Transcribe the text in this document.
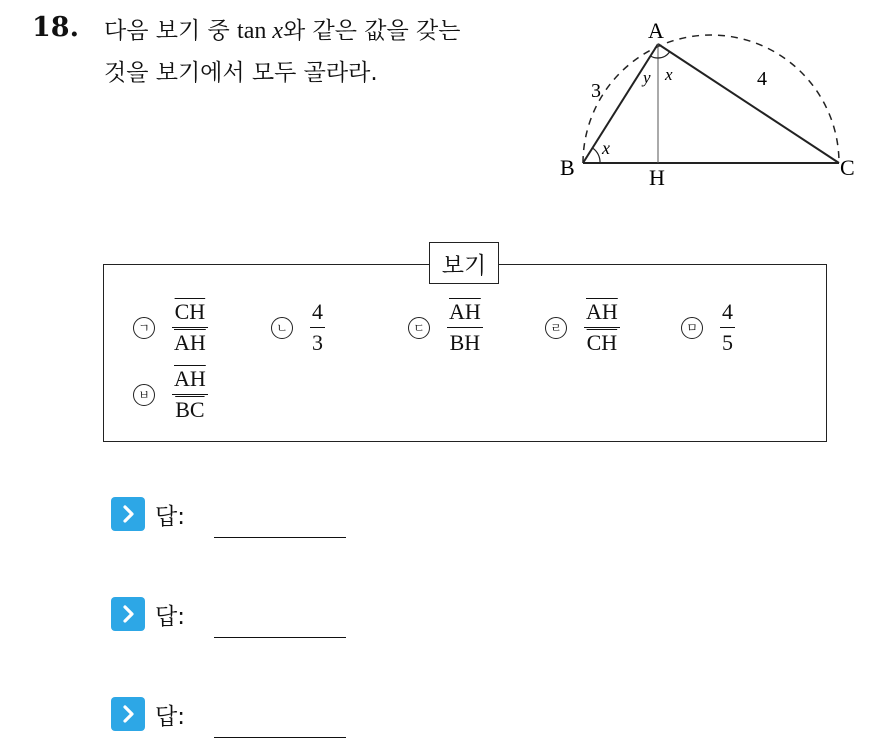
18. 다음 보기 중 tan x와 같은 값을 갖는
것을 보기에서 모두 골라라.
A
B	C
H
3
4
x
y x
보기
ㄱ $\frac{\overline{CH}}{AH}$	ㄴ $\frac{4}{3}$	ㄷ $\frac{\overline{AH}}{BH}$	ㄹ $\frac{\overline{AH}}{CH}$	ㅁ $\frac{4}{5}$
ㅂ $\frac{\overline{AH}}{BC}$
답:
답:
답:
